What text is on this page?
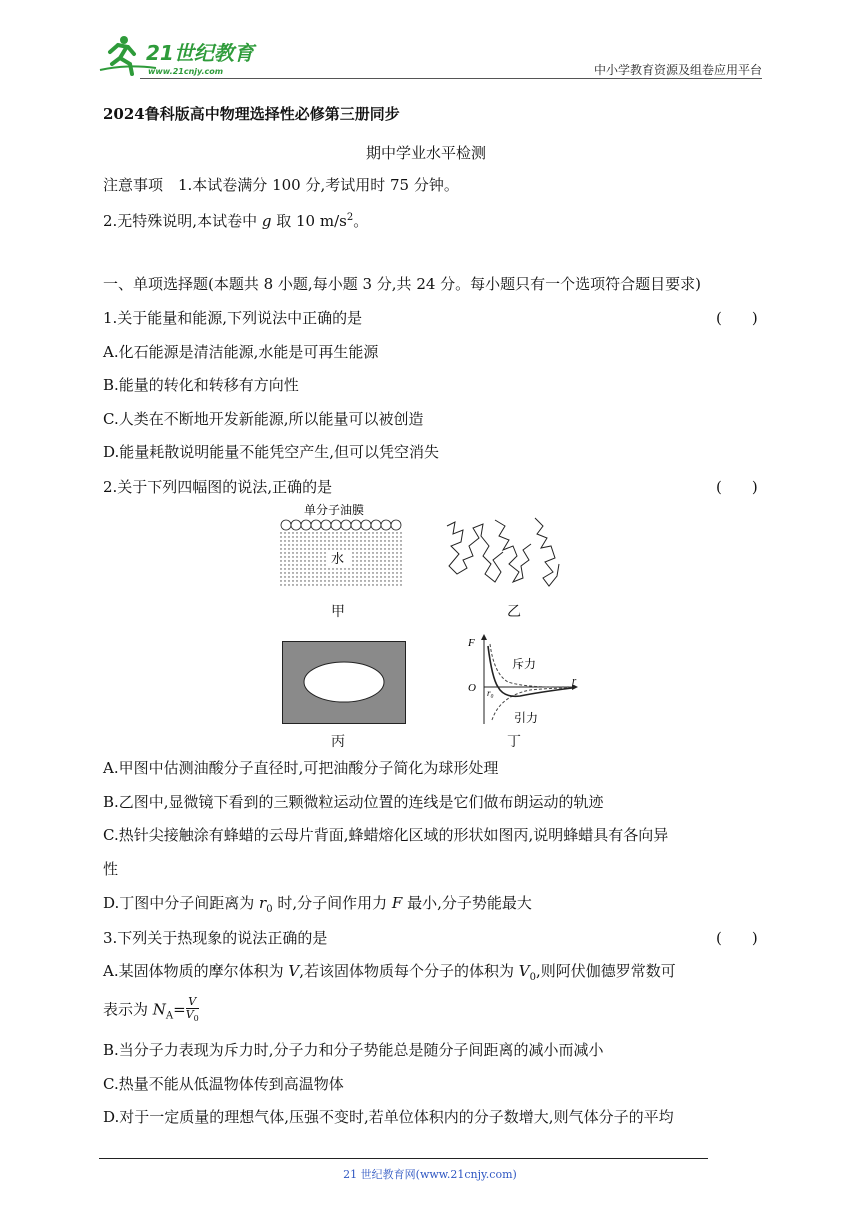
21世纪教育
www.21cnjy.com	中小学教育资源及组卷应用平台
2024鲁科版高中物理选择性必修第三册同步
期中学业水平检测
注意事项　1.本试卷满分 100 分,考试用时 75 分钟。
2.无特殊说明,本试卷中 g 取 10 $m/s^2$。
一、单项选择题(本题共 8 小题,每小题 3 分,共 24 分。每小题只有一个选项符合题目要求)
1.关于能量和能源,下列说法中正确的是	(　　)
A.化石能源是清洁能源,水能是可再生能源
B.能量的转化和转移有方向性
C.人类在不断地开发新能源,所以能量可以被创造
D.能量耗散说明能量不能凭空产生,但可以凭空消失
2.关于下列四幅图的说法,正确的是	(　　)
单分子油膜
水
甲	乙
丙
F
O
r
r₀
斥力
引力
丁
A.甲图中估测油酸分子直径时,可把油酸分子简化为球形处理
B.乙图中,显微镜下看到的三颗微粒运动位置的连线是它们做布朗运动的轨迹
C.热针尖接触涂有蜂蜡的云母片背面,蜂蜡熔化区域的形状如图丙,说明蜂蜡具有各向异
性
D.丁图中分子间距离为 $r_0$ 时,分子间作用力 F 最小,分子势能最大
3.下列关于热现象的说法正确的是	(　　)
A.某固体物质的摩尔体积为 V,若该固体物质每个分子的体积为 $V_0$,则阿伏伽德罗常数可
表示为 $N_A= \frac{V}{V_0}$
B.当分子力表现为斥力时,分子力和分子势能总是随分子间距离的减小而减小
C.热量不能从低温物体传到高温物体
D.对于一定质量的理想气体,压强不变时,若单位体积内的分子数增大,则气体分子的平均
21 世纪教育网(www.21cnjy.com)
